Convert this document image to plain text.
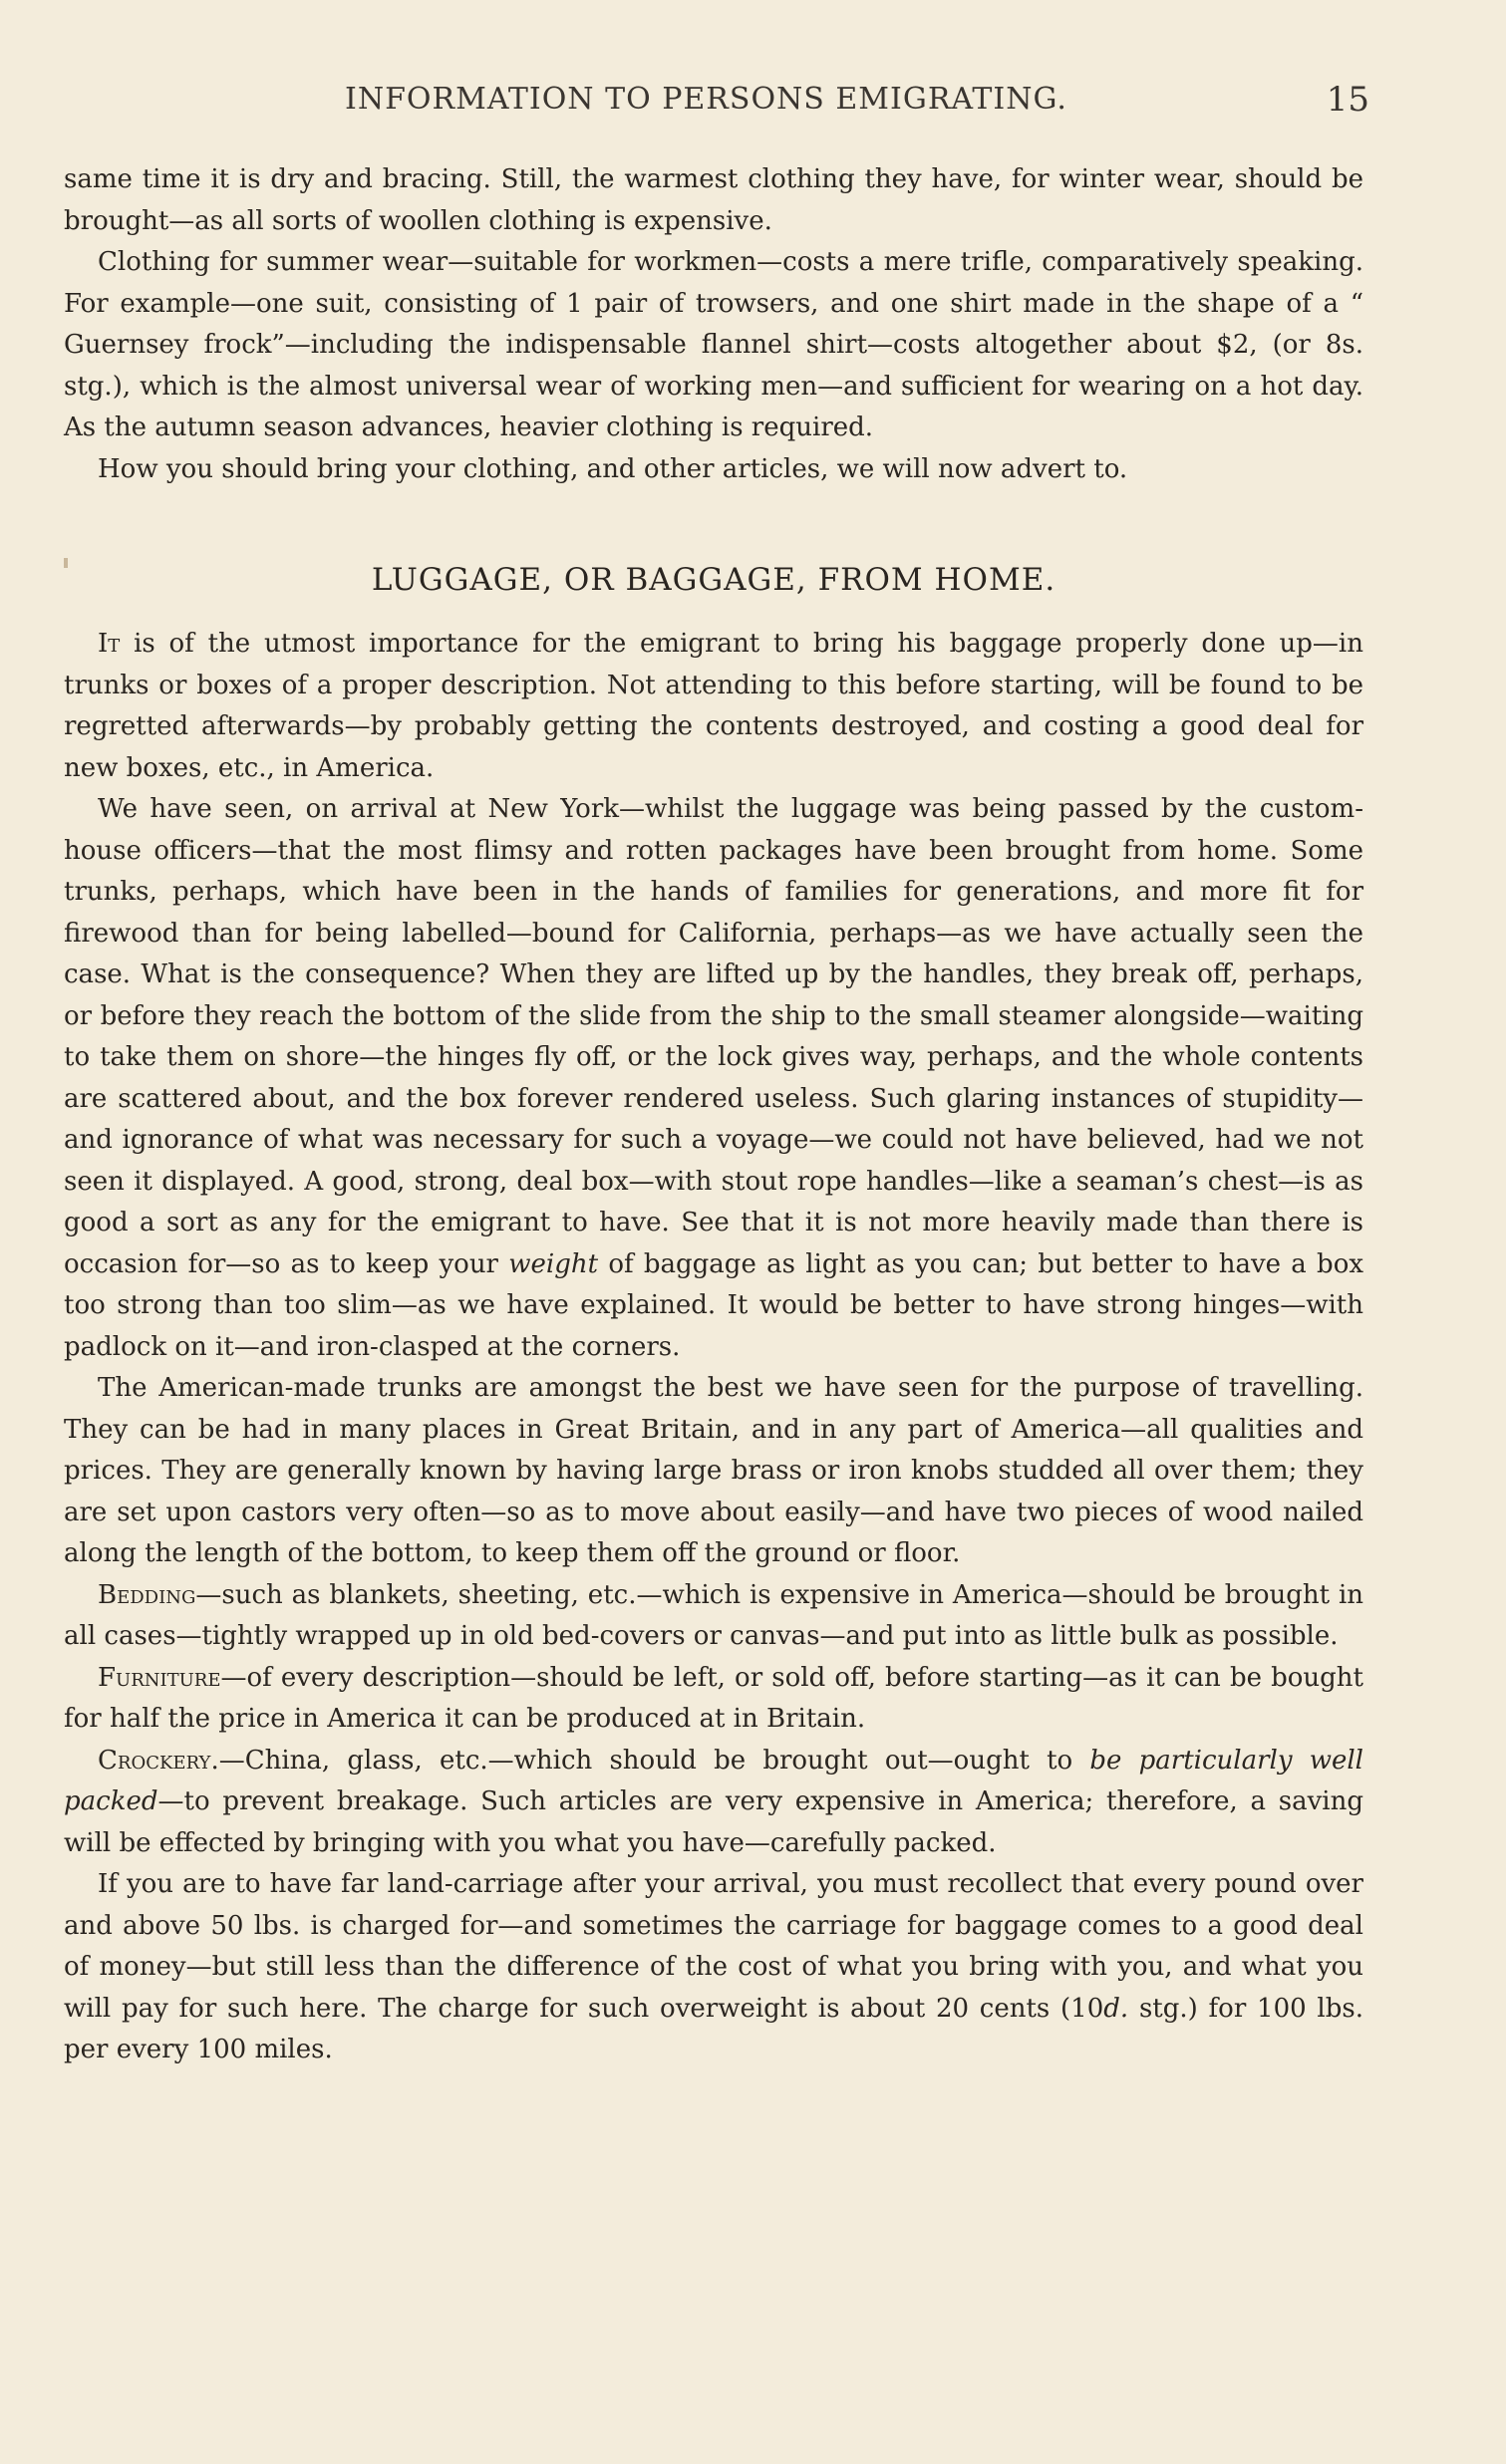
INFORMATION TO PERSONS EMIGRATING.	15

same time it is dry and bracing. Still, the warmest clothing they have, for winter wear, should be brought—as all sorts of woollen clothing is expensive.

Clothing for summer wear—suitable for workmen—costs a mere trifle, comparatively speaking. For example—one suit, consisting of 1 pair of trowsers, and one shirt made in the shape of a “ Guernsey frock”—including the indispensable flannel shirt—costs altogether about $2, (or 8s. stg.), which is the almost universal wear of working men—and sufficient for wearing on a hot day. As the autumn season advances, heavier clothing is required.

How you should bring your clothing, and other articles, we will now advert to.

LUGGAGE, OR BAGGAGE, FROM HOME.

It is of the utmost importance for the emigrant to bring his baggage properly done up—in trunks or boxes of a proper description. Not attending to this before starting, will be found to be regretted afterwards—by probably getting the contents destroyed, and costing a good deal for new boxes, etc., in America.

We have seen, on arrival at New York—whilst the luggage was being passed by the custom-house officers—that the most flimsy and rotten packages have been brought from home. Some trunks, perhaps, which have been in the hands of families for generations, and more fit for firewood than for being labelled—bound for California, perhaps—as we have actually seen the case. What is the consequence? When they are lifted up by the handles, they break off, perhaps, or before they reach the bottom of the slide from the ship to the small steamer alongside—waiting to take them on shore—the hinges fly off, or the lock gives way, perhaps, and the whole contents are scattered about, and the box forever rendered useless. Such glaring instances of stupidity—and ignorance of what was necessary for such a voyage—we could not have believed, had we not seen it displayed. A good, strong, deal box—with stout rope handles—like a seaman’s chest—is as good a sort as any for the emigrant to have. See that it is not more heavily made than there is occasion for—so as to keep your weight of baggage as light as you can; but better to have a box too strong than too slim—as we have explained. It would be better to have strong hinges—with padlock on it—and iron-clasped at the corners.

The American-made trunks are amongst the best we have seen for the purpose of travelling. They can be had in many places in Great Britain, and in any part of America—all qualities and prices. They are generally known by having large brass or iron knobs studded all over them; they are set upon castors very often—so as to move about easily—and have two pieces of wood nailed along the length of the bottom, to keep them off the ground or floor.

Bedding—such as blankets, sheeting, etc.—which is expensive in America—should be brought in all cases—tightly wrapped up in old bed-covers or canvas—and put into as little bulk as possible.

Furniture—of every description—should be left, or sold off, before starting—as it can be bought for half the price in America it can be produced at in Britain.

Crockery.—China, glass, etc.—which should be brought out—ought to be particularly well packed—to prevent breakage. Such articles are very expensive in America; therefore, a saving will be effected by bringing with you what you have—carefully packed.

If you are to have far land-carriage after your arrival, you must recollect that every pound over and above 50 lbs. is charged for—and sometimes the carriage for baggage comes to a good deal of money—but still less than the difference of the cost of what you bring with you, and what you will pay for such here. The charge for such overweight is about 20 cents (10d. stg.) for 100 lbs. per every 100 miles.
